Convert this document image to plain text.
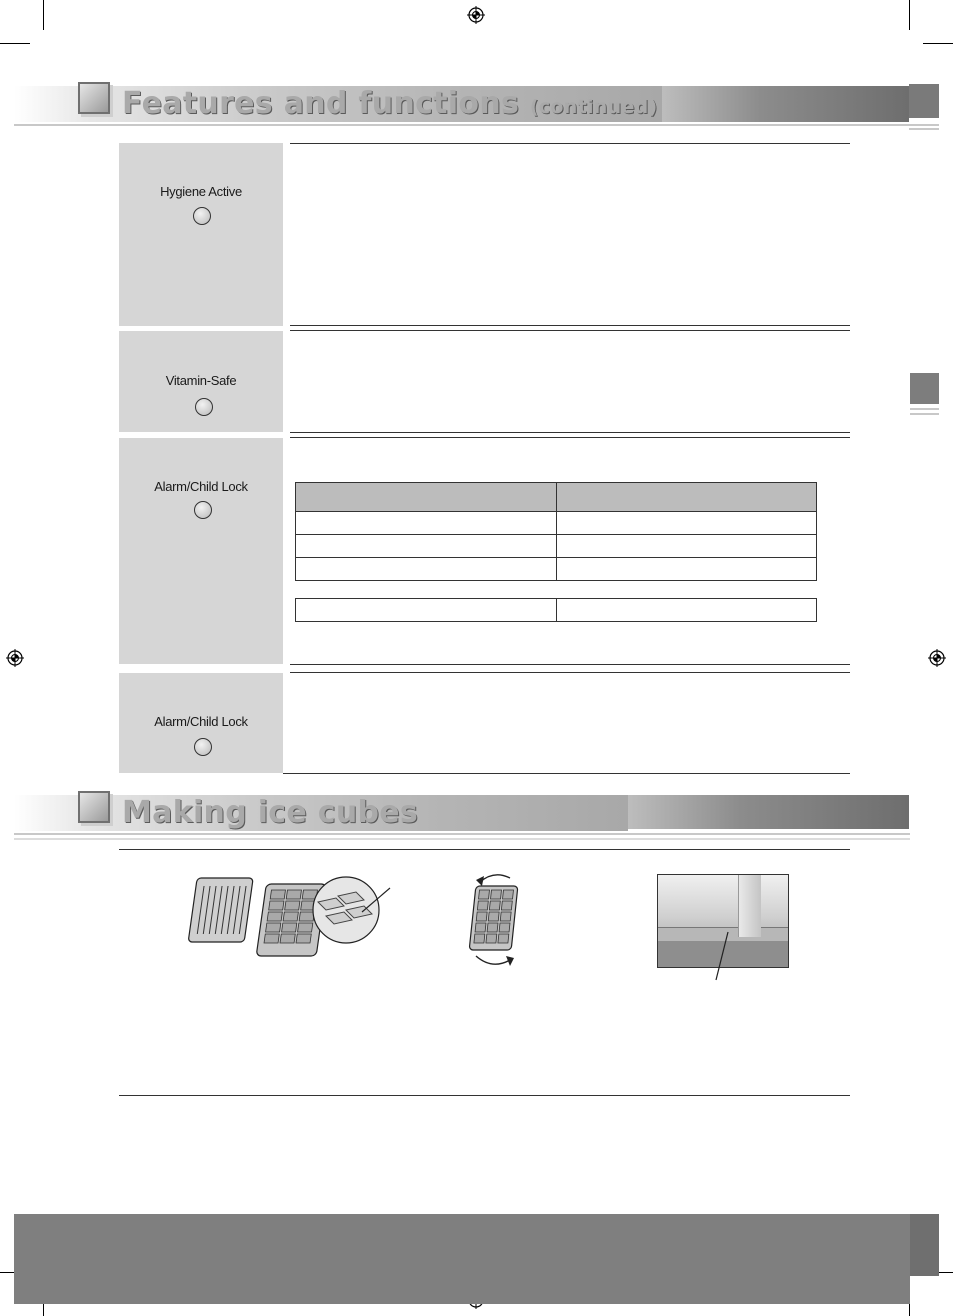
Features and functions (continued)
Hygiene Active
Vitamin-Safe
Alarm/Child Lock

Alarm/Child Lock
Making ice cubes
